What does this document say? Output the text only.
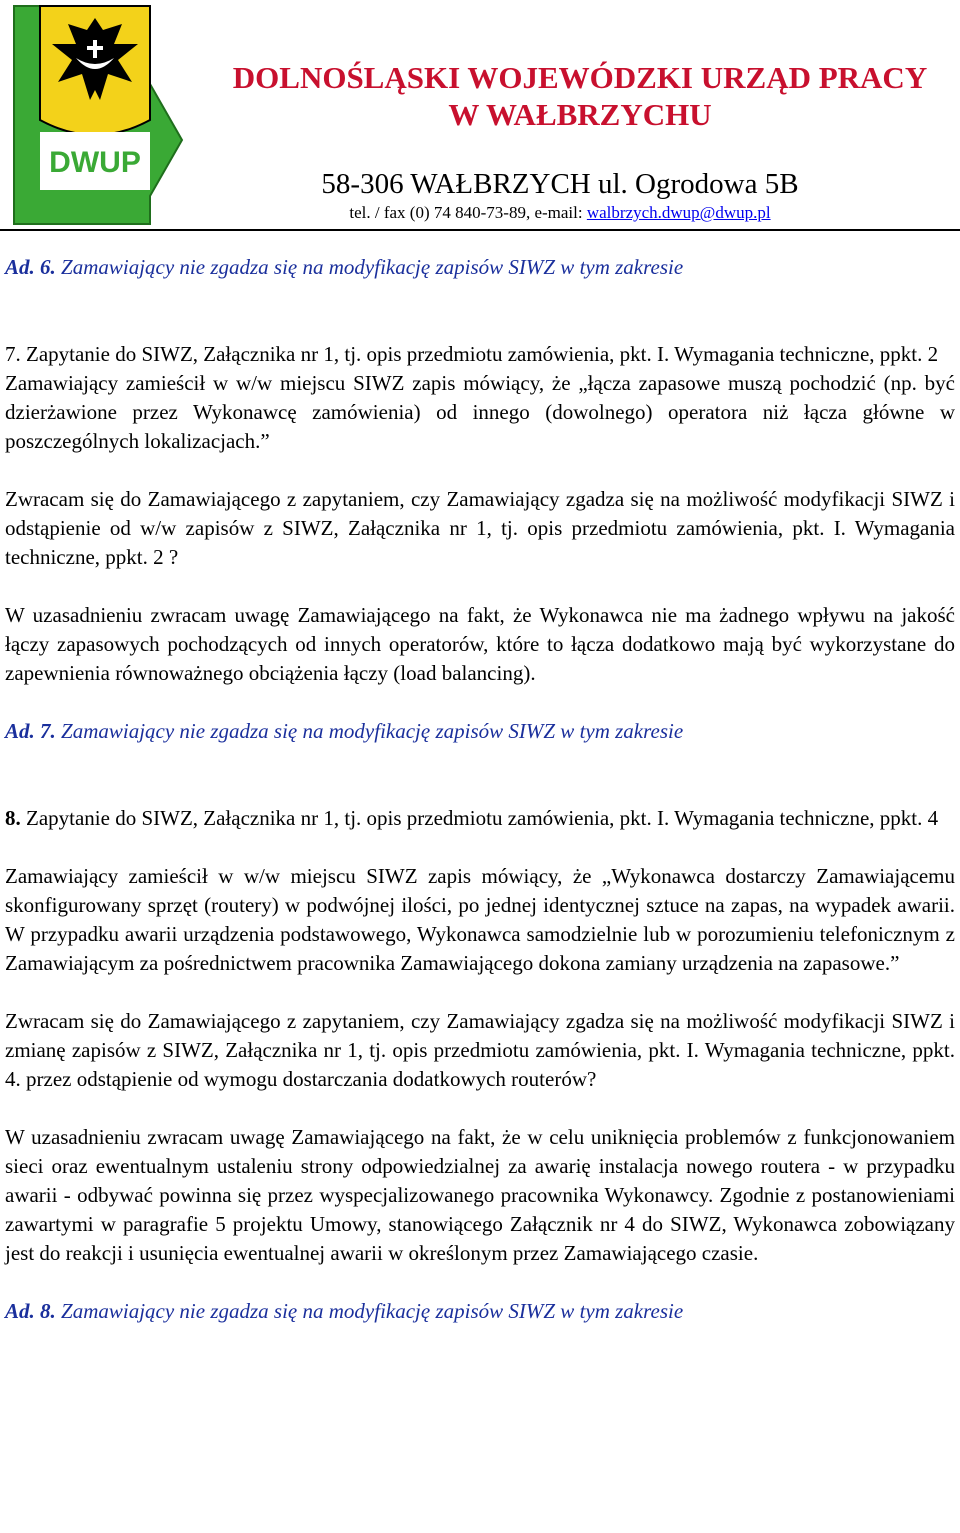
DWUP

DOLNOŚLĄSKI WOJEWÓDZKI URZĄD PRACY

W WAŁBRZYCHU

58-306 WAŁBRZYCH ul. Ogrodowa 5B

tel. / fax (0) 74 840-73-89, e-mail: walbrzych.dwup@dwup.pl

Ad. 6. Zamawiający nie zgadza się na modyfikację zapisów SIWZ w tym zakresie

7. Zapytanie do SIWZ, Załącznika nr 1, tj. opis przedmiotu zamówienia, pkt. I. Wymagania techniczne, ppkt. 2

Zamawiający zamieścił w w/w miejscu SIWZ zapis mówiący, że „łącza zapasowe muszą pochodzić (np. być dzierżawione przez Wykonawcę zamówienia) od innego (dowolnego) operatora niż łącza główne w poszczególnych lokalizacjach.”

Zwracam się do Zamawiającego z zapytaniem, czy Zamawiający zgadza się na możliwość modyfikacji SIWZ i odstąpienie od w/w zapisów z SIWZ, Załącznika nr 1, tj. opis przedmiotu zamówienia, pkt. I. Wymagania techniczne, ppkt. 2 ?

W uzasadnieniu zwracam uwagę Zamawiającego na fakt, że Wykonawca nie ma żadnego wpływu na jakość łączy zapasowych pochodzących od innych operatorów, które to łącza dodatkowo mają być wykorzystane do zapewnienia równoważnego obciążenia łączy (load balancing).

Ad. 7. Zamawiający nie zgadza się na modyfikację zapisów SIWZ w tym zakresie

8. Zapytanie do SIWZ, Załącznika nr 1, tj. opis przedmiotu zamówienia, pkt. I. Wymagania techniczne, ppkt. 4

Zamawiający zamieścił w w/w miejscu SIWZ zapis mówiący, że „Wykonawca dostarczy Zamawiającemu skonfigurowany sprzęt (routery) w podwójnej ilości, po jednej identycznej sztuce na zapas, na wypadek awarii. W przypadku awarii urządzenia podstawowego, Wykonawca samodzielnie lub w porozumieniu telefonicznym z Zamawiającym za pośrednictwem pracownika Zamawiającego dokona zamiany urządzenia na zapasowe.”

Zwracam się do Zamawiającego z zapytaniem, czy Zamawiający zgadza się na możliwość modyfikacji SIWZ i zmianę zapisów z SIWZ, Załącznika nr 1, tj. opis przedmiotu zamówienia, pkt. I. Wymagania techniczne, ppkt. 4. przez odstąpienie od wymogu dostarczania dodatkowych routerów?

W uzasadnieniu zwracam uwagę Zamawiającego na fakt, że w celu uniknięcia problemów z funkcjonowaniem sieci oraz ewentualnym ustaleniu strony odpowiedzialnej za awarię instalacja nowego routera - w przypadku awarii - odbywać powinna się przez wyspecjalizowanego pracownika Wykonawcy. Zgodnie z postanowieniami zawartymi w paragrafie 5 projektu Umowy, stanowiącego Załącznik nr 4 do SIWZ, Wykonawca zobowiązany jest do reakcji i usunięcia ewentualnej awarii w określonym przez Zamawiającego czasie.

Ad. 8. Zamawiający nie zgadza się na modyfikację zapisów SIWZ w tym zakresie
